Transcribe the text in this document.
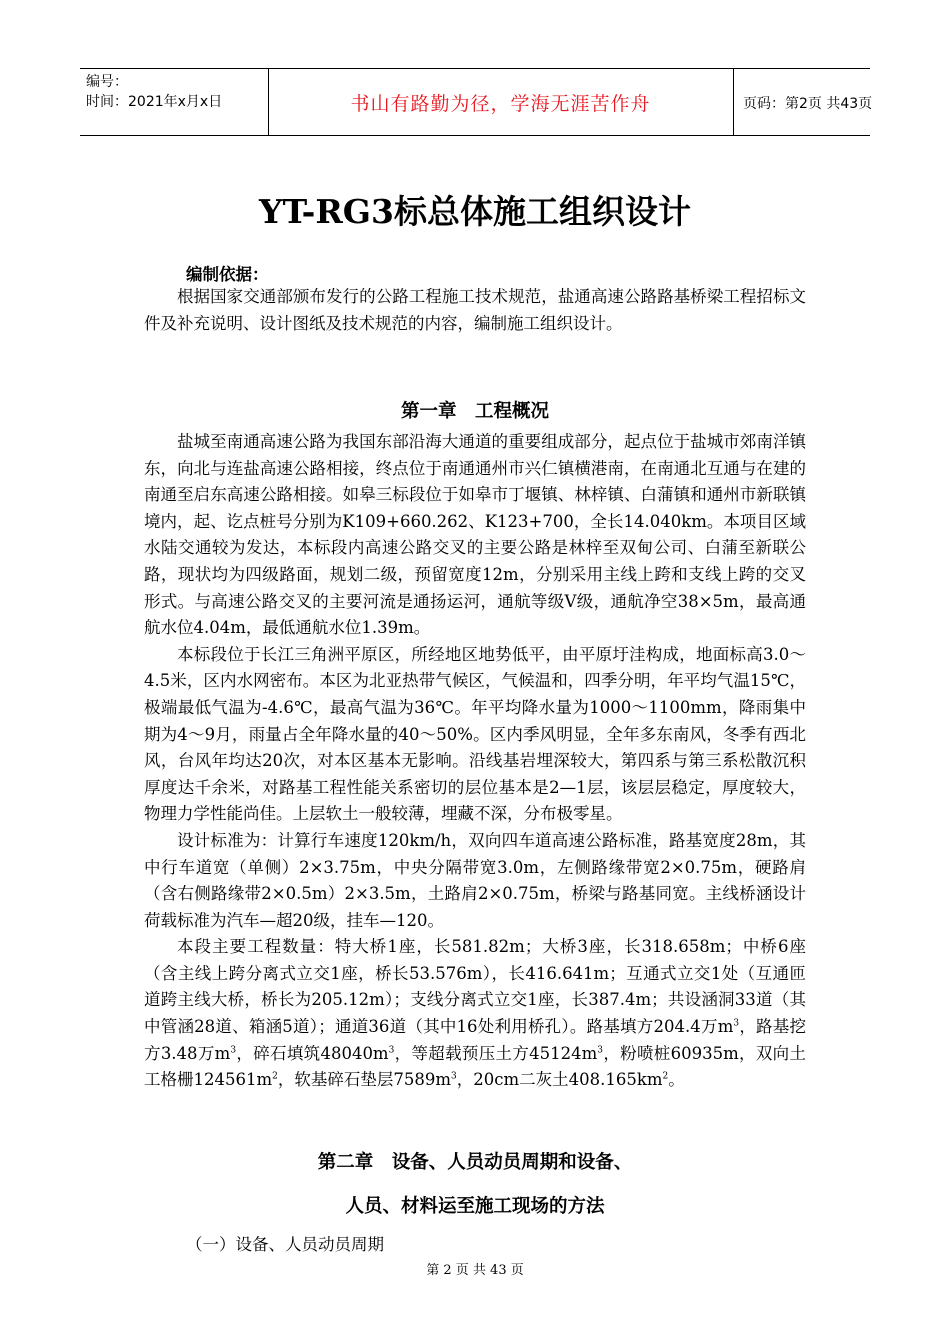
编号：
时间：2021年x月x日	书山有路勤为径，学海无涯苦作舟	页码：第2页 共43页
YT-RG3标总体施工组织设计
编制依据：

根据国家交通部颁布发行的公路工程施工技术规范，盐通高速公路路基桥梁工程招标文件及补充说明、设计图纸及技术规范的内容，编制施工组织设计。

第一章　工程概况

盐城至南通高速公路为我国东部沿海大通道的重要组成部分，起点位于盐城市郊南洋镇东，向北与连盐高速公路相接，终点位于南通通州市兴仁镇横港南，在南通北互通与在建的南通至启东高速公路相接。如皋三标段位于如皋市丁堰镇、林梓镇、白蒲镇和通州市新联镇境内，起、讫点桩号分别为K109+660.262、K123+700，全长14.040km。本项目区域水陆交通较为发达，本标段内高速公路交叉的主要公路是林梓至双甸公司、白蒲至新联公路，现状均为四级路面，规划二级，预留宽度12m，分别采用主线上跨和支线上跨的交叉形式。与高速公路交叉的主要河流是通扬运河，通航等级Ⅴ级，通航净空38×5m，最高通航水位4.04m，最低通航水位1.39m。

本标段位于长江三角洲平原区，所经地区地势低平，由平原圩洼构成，地面标高3.0～4.5米，区内水网密布。本区为北亚热带气候区，气候温和，四季分明，年平均气温15℃，极端最低气温为-4.6℃，最高气温为36℃。年平均降水量为1000～1100mm，降雨集中期为4～9月，雨量占全年降水量的40～50%。区内季风明显，全年多东南风，冬季有西北风，台风年均达20次，对本区基本无影响。沿线基岩埋深较大，第四系与第三系松散沉积厚度达千余米，对路基工程性能关系密切的层位基本是2—1层，该层层稳定，厚度较大，物理力学性能尚佳。上层软土一般较薄，埋藏不深，分布极零星。

设计标准为：计算行车速度120km/h，双向四车道高速公路标准，路基宽度28m，其中行车道宽（单侧）2×3.75m，中央分隔带宽3.0m，左侧路缘带宽2×0.75m，硬路肩（含右侧路缘带2×0.5m）2×3.5m，土路肩2×0.75m，桥梁与路基同宽。主线桥涵设计荷载标准为汽车—超20级，挂车—120。

本段主要工程数量：特大桥1座，长581.82m；大桥3座，长318.658m；中桥6座（含主线上跨分离式立交1座，桥长53.576m），长416.641m；互通式立交1处（互通匝道跨主线大桥，桥长为205.12m）；支线分离式立交1座，长387.4m；共设涵洞33道（其中管涵28道、箱涵5道）；通道36道（其中16处利用桥孔）。路基填方204.4万$m^3$，路基挖方3.48万$m^3$，碎石填筑$48040m^3$，等超载预压土方$45124m^3$，粉喷桩60935m，双向土工格栅$124561m^2$，软基碎石垫层$7589m^3$，20cm二灰土$408.165km^2$。

第二章　设备、人员动员周期和设备、
人员、材料运至施工现场的方法
（一）设备、人员动员周期
第 2 页 共 43 页
